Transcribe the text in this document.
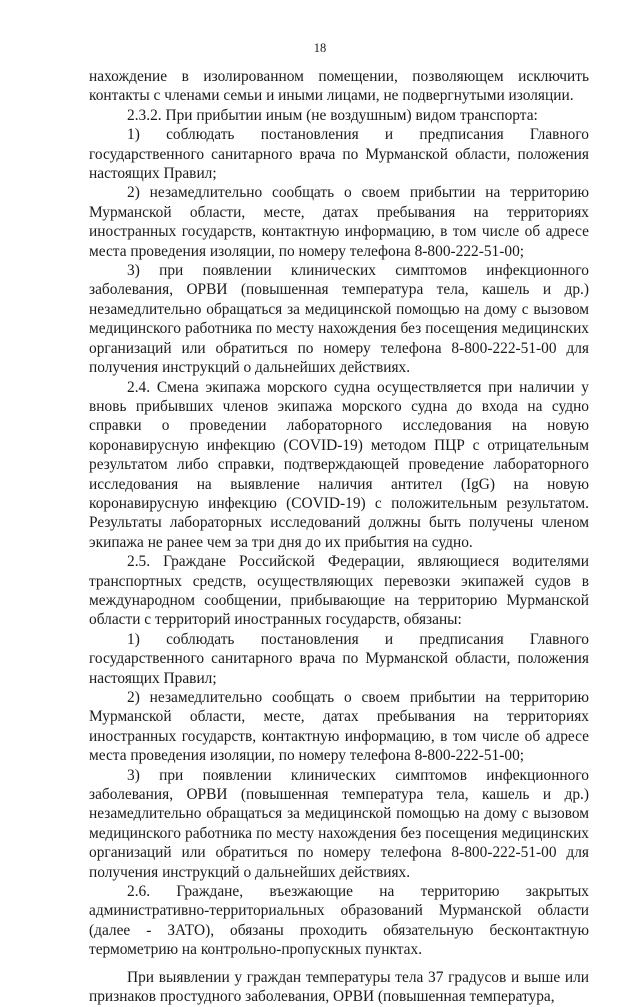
18

нахождение в изолированном помещении, позволяющем исключить контакты с членами семьи и иными лицами, не подвергнутыми изоляции.

2.3.2. При прибытии иным (не воздушным) видом транспорта:

1) соблюдать постановления и предписания Главного государственного санитарного врача по Мурманской области, положения настоящих Правил;

2) незамедлительно сообщать о своем прибытии на территорию Мурманской области, месте, датах пребывания на территориях иностранных государств, контактную информацию, в том числе об адресе места проведения изоляции, по номеру телефона 8-800-222-51-00;

3) при появлении клинических симптомов инфекционного заболевания, ОРВИ (повышенная температура тела, кашель и др.) незамедлительно обращаться за медицинской помощью на дому с вызовом медицинского работника по месту нахождения без посещения медицинских организаций или обратиться по номеру телефона 8-800-222-51-00 для получения инструкций о дальнейших действиях.

2.4. Смена экипажа морского судна осуществляется при наличии у вновь прибывших членов экипажа морского судна до входа на судно справки о проведении лабораторного исследования на новую коронавирусную инфекцию (COVID-19) методом ПЦР с отрицательным результатом либо справки, подтверждающей проведение лабораторного исследования на выявление наличия антител (IgG) на новую коронавирусную инфекцию (COVID-19) с положительным результатом. Результаты лабораторных исследований должны быть получены членом экипажа не ранее чем за три дня до их прибытия на судно.

2.5. Граждане Российской Федерации, являющиеся водителями транспортных средств, осуществляющих перевозки экипажей судов в международном сообщении, прибывающие на территорию Мурманской области с территорий иностранных государств, обязаны:

1) соблюдать постановления и предписания Главного государственного санитарного врача по Мурманской области, положения настоящих Правил;

2) незамедлительно сообщать о своем прибытии на территорию Мурманской области, месте, датах пребывания на территориях иностранных государств, контактную информацию, в том числе об адресе места проведения изоляции, по номеру телефона 8-800-222-51-00;

3) при появлении клинических симптомов инфекционного заболевания, ОРВИ (повышенная температура тела, кашель и др.) незамедлительно обращаться за медицинской помощью на дому с вызовом медицинского работника по месту нахождения без посещения медицинских организаций или обратиться по номеру телефона 8-800-222-51-00 для получения инструкций о дальнейших действиях.

2.6. Граждане, въезжающие на территорию закрытых административно-территориальных образований Мурманской области (далее - ЗАТО), обязаны проходить обязательную бесконтактную термометрию на контрольно-пропускных пунктах.

При выявлении у граждан температуры тела 37 градусов и выше или признаков простудного заболевания, ОРВИ (повышенная температура,
